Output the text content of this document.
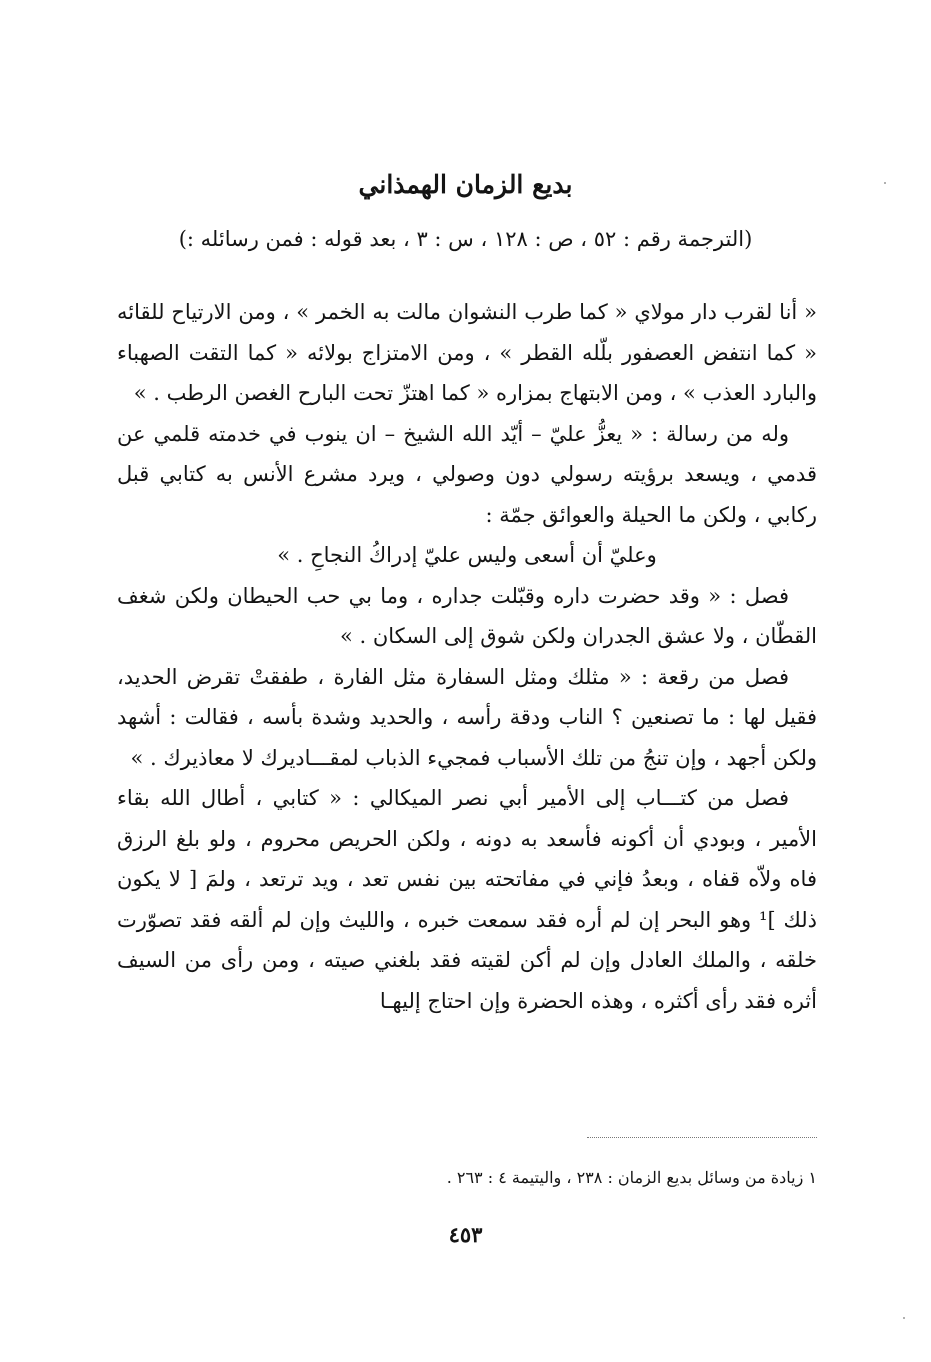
بديع الزمان الهمذاني
(الترجمة رقم : ٥٢ ، ص : ١٢٨ ، س : ٣ ، بعد قوله : فمن رسائله :)

« أنا لقرب دار مولاي « كما طرب النشوان مالت به الخمر » ، ومن الارتياح للقائه « كما انتفض العصفور بلّله القطر » ، ومن الامتزاج بولائه « كما التقت الصهباء والبارد العذب » ، ومن الابتهاج بمزاره « كما اهتزّ تحت البارح الغصن الرطب . »

وله من رسالة : « يعزُّ عليّ – أيّد الله الشيخ – ان ينوب في خدمته قلمي عن قدمي ، ويسعد برؤيته رسولي دون وصولي ، ويرد مشرع الأنس به كتابي قبل ركابي ، ولكن ما الحيلة والعوائق جمّة :

وعليّ أن أسعى وليس عليّ إدراكُ النجاحِ . »

فصل : « وقد حضرت داره وقبّلت جداره ، وما بي حب الحيطان ولكن شغف القطّان ، ولا عشق الجدران ولكن شوق إلى السكان . »

فصل من رقعة : « مثلك ومثل السفارة مثل الفارة ، طفقتْ تقرض الحديد، فقيل لها : ما تصنعين ؟ الناب ودقة رأسه ، والحديد وشدة بأسه ، فقالت : أشهد ولكن أجهد ، وإن تنجُ من تلك الأسباب فمجيء الذباب لمقـــاديرك لا معاذيرك . »

فصل من كتـــاب إلى الأمير أبي نصر الميكالي : « كتابي ، أطال الله بقاء الأمير ، وبودي أن أكونه فأسعد به دونه ، ولكن الحريص محروم ، ولو بلغ الرزق فاه ولاّه قفاه ، وبعدُ فإني في مفاتحته بين نفس تعد ، ويد ترتعد ، ولمَ [ لا يكون ذلك ]¹ وهو البحر إن لم أره فقد سمعت خبره ، والليث وإن لم ألقه فقد تصوّرت خلقه ، والملك العادل وإن لم أكن لقيته فقد بلغني صيته ، ومن رأى من السيف أثره فقد رأى أكثره ، وهذه الحضرة وإن احتاج إليهـا

١ زيادة من وسائل بديع الزمان : ٢٣٨ ، واليتيمة ٤ : ٢٦٣ .
٤٥٣
